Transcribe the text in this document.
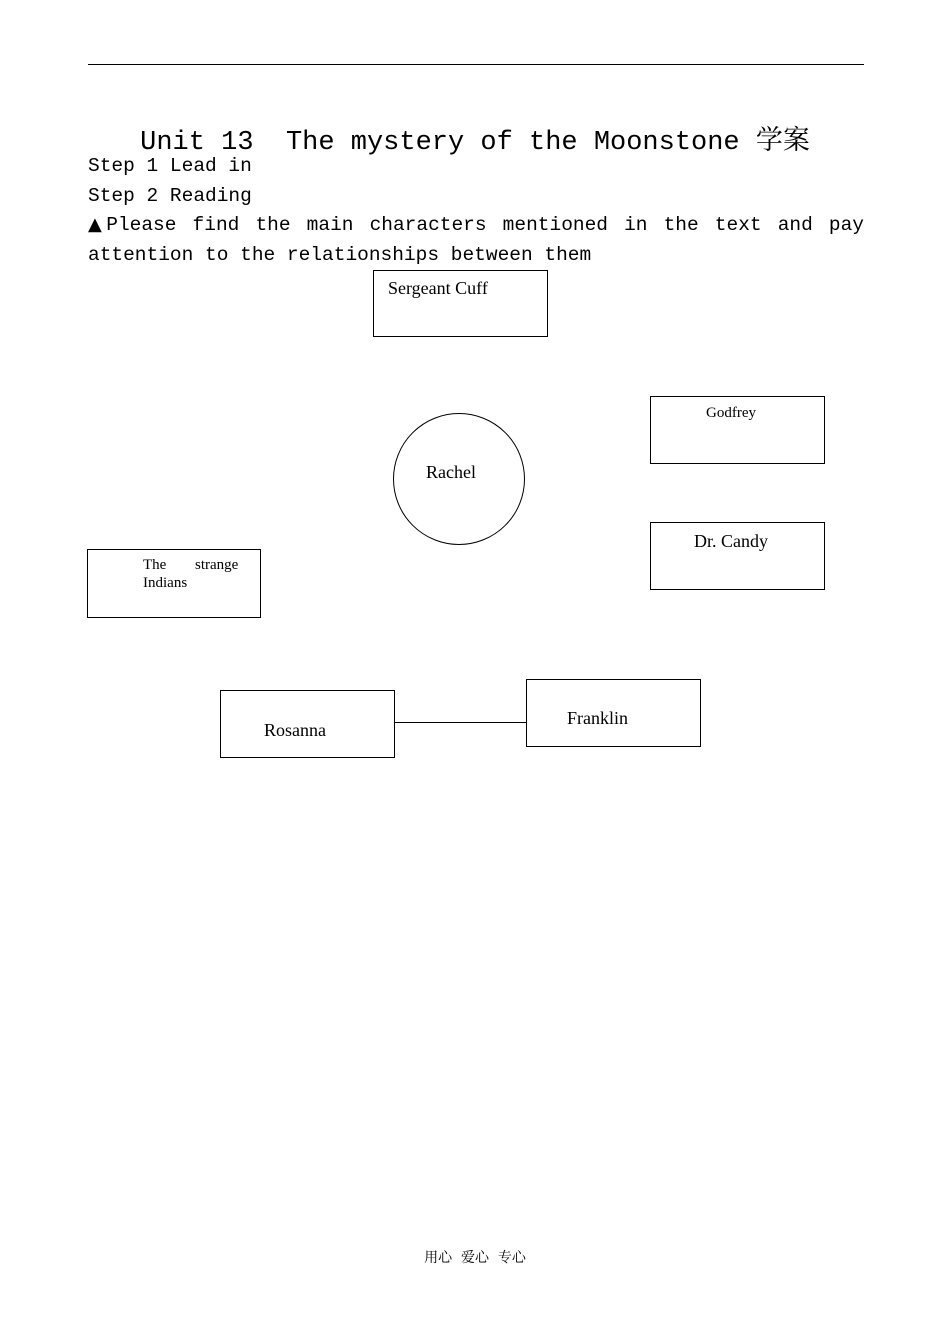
Unit 13  The mystery of the Moonstone 学案
Step 1 Lead in
Step 2 Reading
▲Please find the main characters mentioned in the text and pay
attention to the relationships between them
Sergeant Cuff
Rachel
Godfrey
Dr. Candy
The strange
Indians
Rosanna
Franklin
用心  爱心  专心
